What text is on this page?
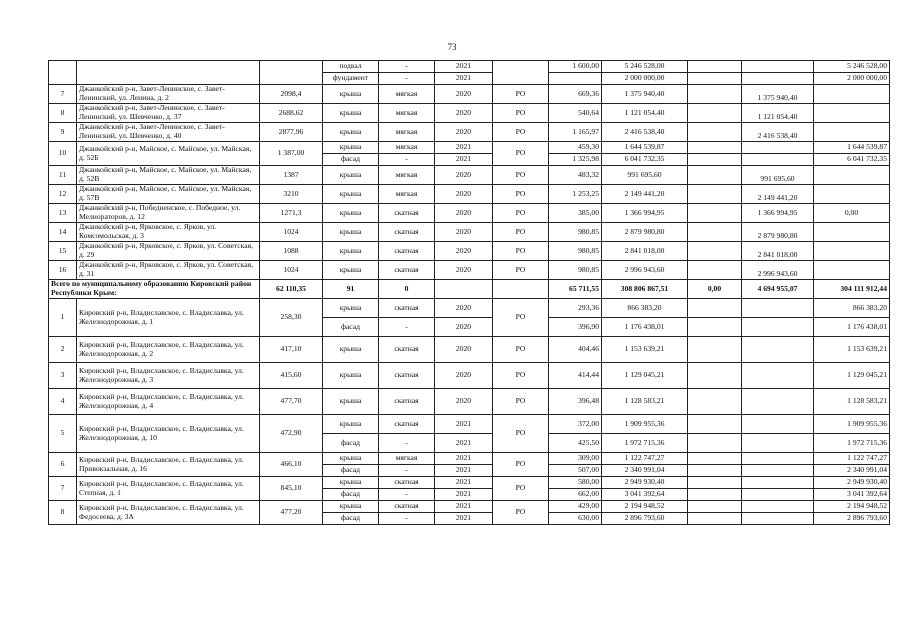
73
			подвал	-	2021		1 600,00	5 246 528,00			5 246 528,00
			фундамент	-	2021			2 000 000,00			2 000 000,00
7	Джанкойский р-н, Завет-Ленинское, с. Завет-Ленинский, ул. Ленина, д. 2	2098,4	крыша	мягкая	2020	РО	669,36	1 375 940,40		1 375 940,40	
8	Джанкойский р-н, Завет-Ленинское, с. Завет-Ленинский, ул. Шевченко, д. 37	2688,62	крыша	мягкая	2020	РО	540,64	1 121 054,40		1 121 054,40	
9	Джанкойский р-н, Завет-Ленинское, с. Завет-Ленинский, ул. Шевченко, д. 40	2877,96	крыша	мягкая	2020	РО	1 165,97	2 416 538,40		2 416 538,40	
10	Джанкойский р-н, Майское, с. Майское, ул. Майская, д. 52Б	1 387,00	крыша	мягкая	2021	РО	459,30	1 644 539,87			1 644 539,87
			фасад	-	2021		1 325,98	6 041 732,35			6 041 732,35
11	Джанкойский р-н, Майское, с. Майское, ул. Майская, д. 52В	1387	крыша	мягкая	2020	РО	483,32	991 695,60		991 695,60	
12	Джанкойский р-н, Майское, с. Майское, ул. Майская, д. 57В	3210	крыша	мягкая	2020	РО	1 253,25	2 149 441,20		2 149 441,20	
13	Джанкойский р-н, Победненское, с. Победное, ул. Мелиораторов, д. 12	1271,3	крыша	скатная	2020	РО	385,00	1 366 994,95		1 366 994,95	0,00
14	Джанкойский р-н, Ярковское, с. Ярков, ул. Комсомольская, д. 3	1024	крыша	скатная	2020	РО	980,85	2 879 980,80		2 879 980,80	
15	Джанкойский р-н, Ярковское, с. Ярков, ул. Советская, д. 29	1088	крыша	скатная	2020	РО	980,85	2 841 018,00		2 841 018,00	
16	Джанкойский р-н, Ярковское, с. Ярков, ул. Советская, д. 31	1024	крыша	скатная	2020	РО	980,85	2 996 943,60		2 996 943,60	
Всего по муниципальному образованию Кировский район Республики Крым:		62 110,35	91	0			65 711,55	308 806 867,51	0,00	4 694 955,07	304 111 912,44
1	Кировский р-н, Владиславское, с. Владиславка, ул. Железнодорожная, д. 1	258,30	крыша	скатная	2020	РО	293,36	866 383,20			866 383,20
			фасад	-	2020		396,90	1 176 438,01			1 176 438,01
2	Кировский р-н, Владиславское, с. Владиславка, ул. Железнодорожная, д. 2	417,10	крыша	скатная	2020	РО	404,46	1 153 639,21			1 153 639,21
3	Кировский р-н, Владиславское, с. Владиславка, ул. Железнодорожная, д. 3	415,60	крыша	скатная	2020	РО	414,44	1 129 045,21			1 129 045,21
4	Кировский р-н, Владиславское, с. Владиславка, ул. Железнодорожная, д. 4	477,70	крыша	скатная	2020	РО	396,48	1 128 583,21			1 128 583,21
5	Кировский р-н, Владиславское, с. Владиславка, ул. Железнодорожная, д. 10	472,90	крыша	скатная	2021	РО	372,00	1 909 955,36			1 909 955,36
			фасад	-	2021		425,50	1 972 715,36			1 972 715,36
6	Кировский р-н, Владиславское, с. Владиславка, ул. Привокзальная, д. 16	466,10	крыша	мягкая	2021	РО	309,00	1 122 747,27			1 122 747,27
			фасад	-	2021		507,00	2 340 991,04			2 340 991,04
7	Кировский р-н, Владиславское, с. Владиславка, ул. Степная, д. 1	845,10	крыша	скатная	2021	РО	580,00	2 949 930,40			2 949 930,40
			фасад	-	2021		662,00	3 041 392,64			3 041 392,64
8	Кировский р-н, Владиславское, с. Владиславка, ул. Федосеева, д. 3А	477,20	крыша	скатная	2021	РО	429,00	2 194 948,52			2 194 948,52
			фасад	-	2021		630,00	2 896 793,60			2 896 793,60
